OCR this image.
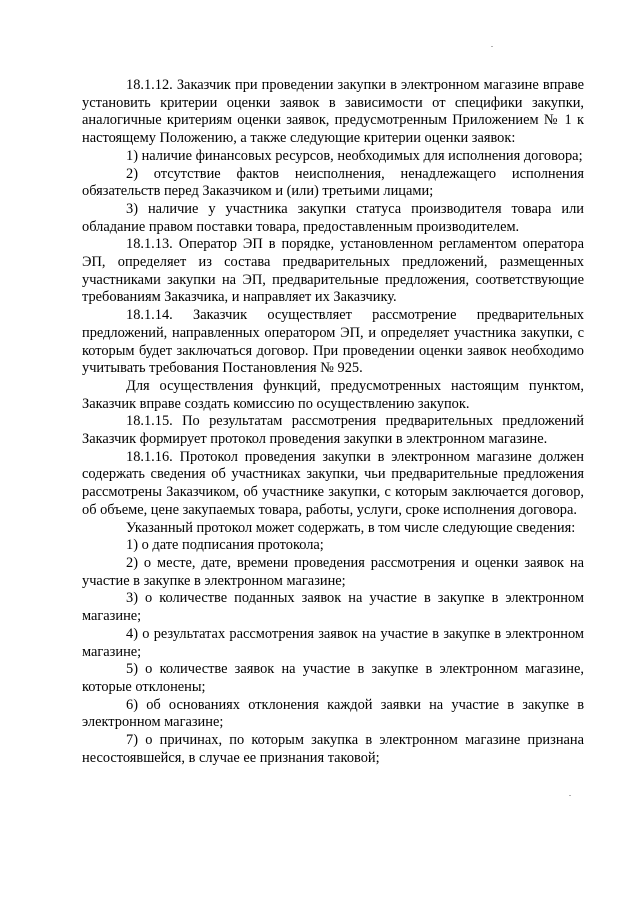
18.1.12. Заказчик при проведении закупки в электронном магазине вправе установить критерии оценки заявок в зависимости от специфики закупки, аналогичные критериям оценки заявок, предусмотренным Приложением № 1 к настоящему Положению, а также следующие критерии оценки заявок:

1) наличие финансовых ресурсов, необходимых для исполнения договора;

2) отсутствие фактов неисполнения, ненадлежащего исполнения обязательств перед Заказчиком и (или) третьими лицами;

3) наличие у участника закупки статуса производителя товара или обладание правом поставки товара, предоставленным производителем.

18.1.13. Оператор ЭП в порядке, установленном регламентом оператора ЭП, определяет из состава предварительных предложений, размещенных участниками закупки на ЭП, предварительные предложения, соответствующие требованиям Заказчика, и направляет их Заказчику.

18.1.14. Заказчик осуществляет рассмотрение предварительных предложений, направленных оператором ЭП, и определяет участника закупки, с которым будет заключаться договор. При проведении оценки заявок необходимо учитывать требования Постановления № 925.

Для осуществления функций, предусмотренных настоящим пунктом, Заказчик вправе создать комиссию по осуществлению закупок.

18.1.15. По результатам рассмотрения предварительных предложений Заказчик формирует протокол проведения закупки в электронном магазине.

18.1.16. Протокол проведения закупки в электронном магазине должен содержать сведения об участниках закупки, чьи предварительные предложения рассмотрены Заказчиком, об участнике закупки, с которым заключается договор, об объеме, цене закупаемых товара, работы, услуги, сроке исполнения договора.

Указанный протокол может содержать, в том числе следующие сведения:

1) о дате подписания протокола;

2) о месте, дате, времени проведения рассмотрения и оценки заявок на участие в закупке в электронном магазине;

3) о количестве поданных заявок на участие в закупке в электронном магазине;

4) о результатах рассмотрения заявок на участие в закупке в электронном магазине;

5) о количестве заявок на участие в закупке в электронном магазине, которые отклонены;

6) об основаниях отклонения каждой заявки на участие в закупке в электронном магазине;

7) о причинах, по которым закупка в электронном магазине признана несостоявшейся, в случае ее признания таковой;
